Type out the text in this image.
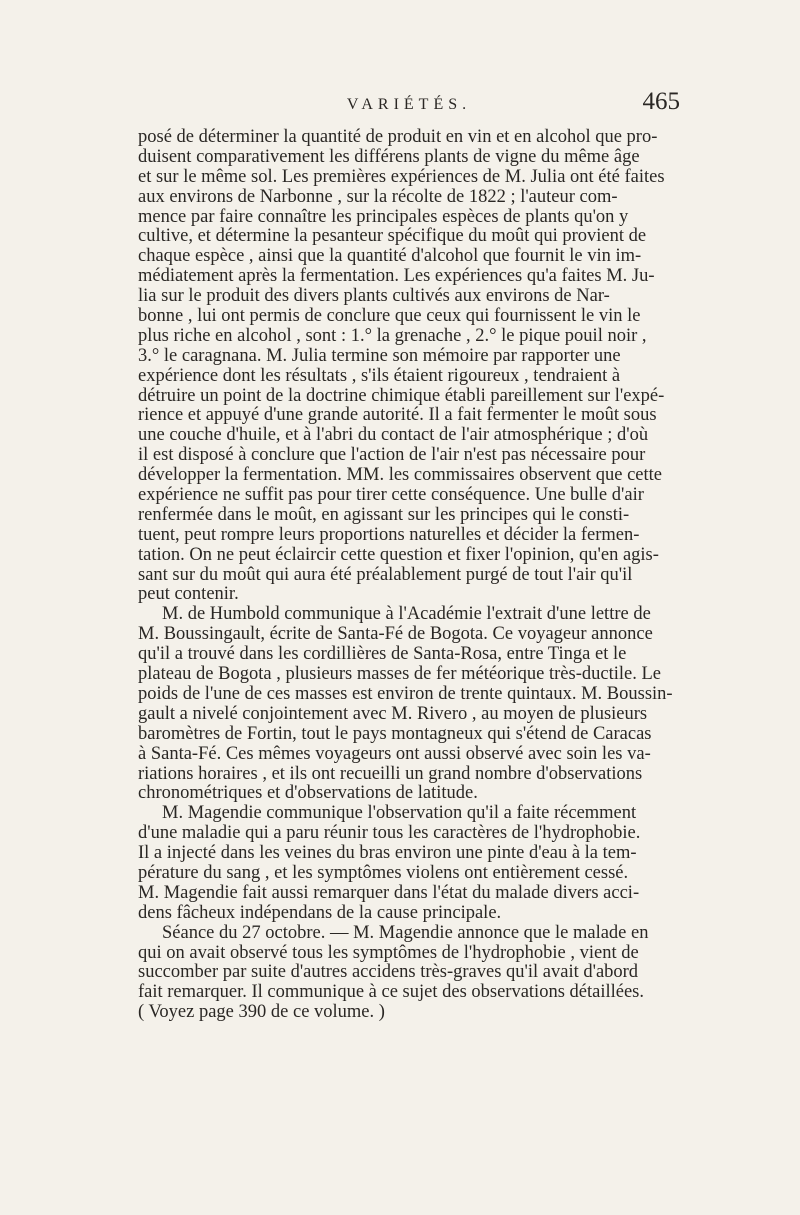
VARIÉTÉS.	465
posé de déterminer la quantité de produit en vin et en alcohol que pro-
duisent comparativement les différens plants de vigne du même âge
et sur le même sol. Les premières expériences de M. Julia ont été faites
aux environs de Narbonne , sur la récolte de 1822 ; l'auteur com-
mence par faire connaître les principales espèces de plants qu'on y
cultive, et détermine la pesanteur spécifique du moût qui provient de
chaque espèce , ainsi que la quantité d'alcohol que fournit le vin im-
médiatement après la fermentation. Les expériences qu'a faites M. Ju-
lia sur le produit des divers plants cultivés aux environs de Nar-
bonne , lui ont permis de conclure que ceux qui fournissent le vin le
plus riche en alcohol , sont : 1.° la grenache , 2.° le pique pouil noir ,
3.° le caragnana. M. Julia termine son mémoire par rapporter une
expérience dont les résultats , s'ils étaient rigoureux , tendraient à
détruire un point de la doctrine chimique établi pareillement sur l'expé-
rience et appuyé d'une grande autorité. Il a fait fermenter le moût sous
une couche d'huile, et à l'abri du contact de l'air atmosphérique ; d'où
il est disposé à conclure que l'action de l'air n'est pas nécessaire pour
développer la fermentation. MM. les commissaires observent que cette
expérience ne suffit pas pour tirer cette conséquence. Une bulle d'air
renfermée dans le moût, en agissant sur les principes qui le consti-
tuent, peut rompre leurs proportions naturelles et décider la fermen-
tation. On ne peut éclaircir cette question et fixer l'opinion, qu'en agis-
sant sur du moût qui aura été préalablement purgé de tout l'air qu'il
peut contenir.
M. de Humbold communique à l'Académie l'extrait d'une lettre de
M. Boussingault, écrite de Santa-Fé de Bogota. Ce voyageur annonce
qu'il a trouvé dans les cordillières de Santa-Rosa, entre Tinga et le
plateau de Bogota , plusieurs masses de fer météorique très-ductile. Le
poids de l'une de ces masses est environ de trente quintaux. M. Boussin-
gault a nivelé conjointement avec M. Rivero , au moyen de plusieurs
baromètres de Fortin, tout le pays montagneux qui s'étend de Caracas
à Santa-Fé. Ces mêmes voyageurs ont aussi observé avec soin les va-
riations horaires , et ils ont recueilli un grand nombre d'observations
chronométriques et d'observations de latitude.
M. Magendie communique l'observation qu'il a faite récemment
d'une maladie qui a paru réunir tous les caractères de l'hydrophobie.
Il a injecté dans les veines du bras environ une pinte d'eau à la tem-
pérature du sang , et les symptômes violens ont entièrement cessé.
M. Magendie fait aussi remarquer dans l'état du malade divers acci-
dens fâcheux indépendans de la cause principale.
Séance du 27 octobre. — M. Magendie annonce que le malade en
qui on avait observé tous les symptômes de l'hydrophobie , vient de
succomber par suite d'autres accidens très-graves qu'il avait d'abord
fait remarquer. Il communique à ce sujet des observations détaillées.
( Voyez page 390 de ce volume. )
